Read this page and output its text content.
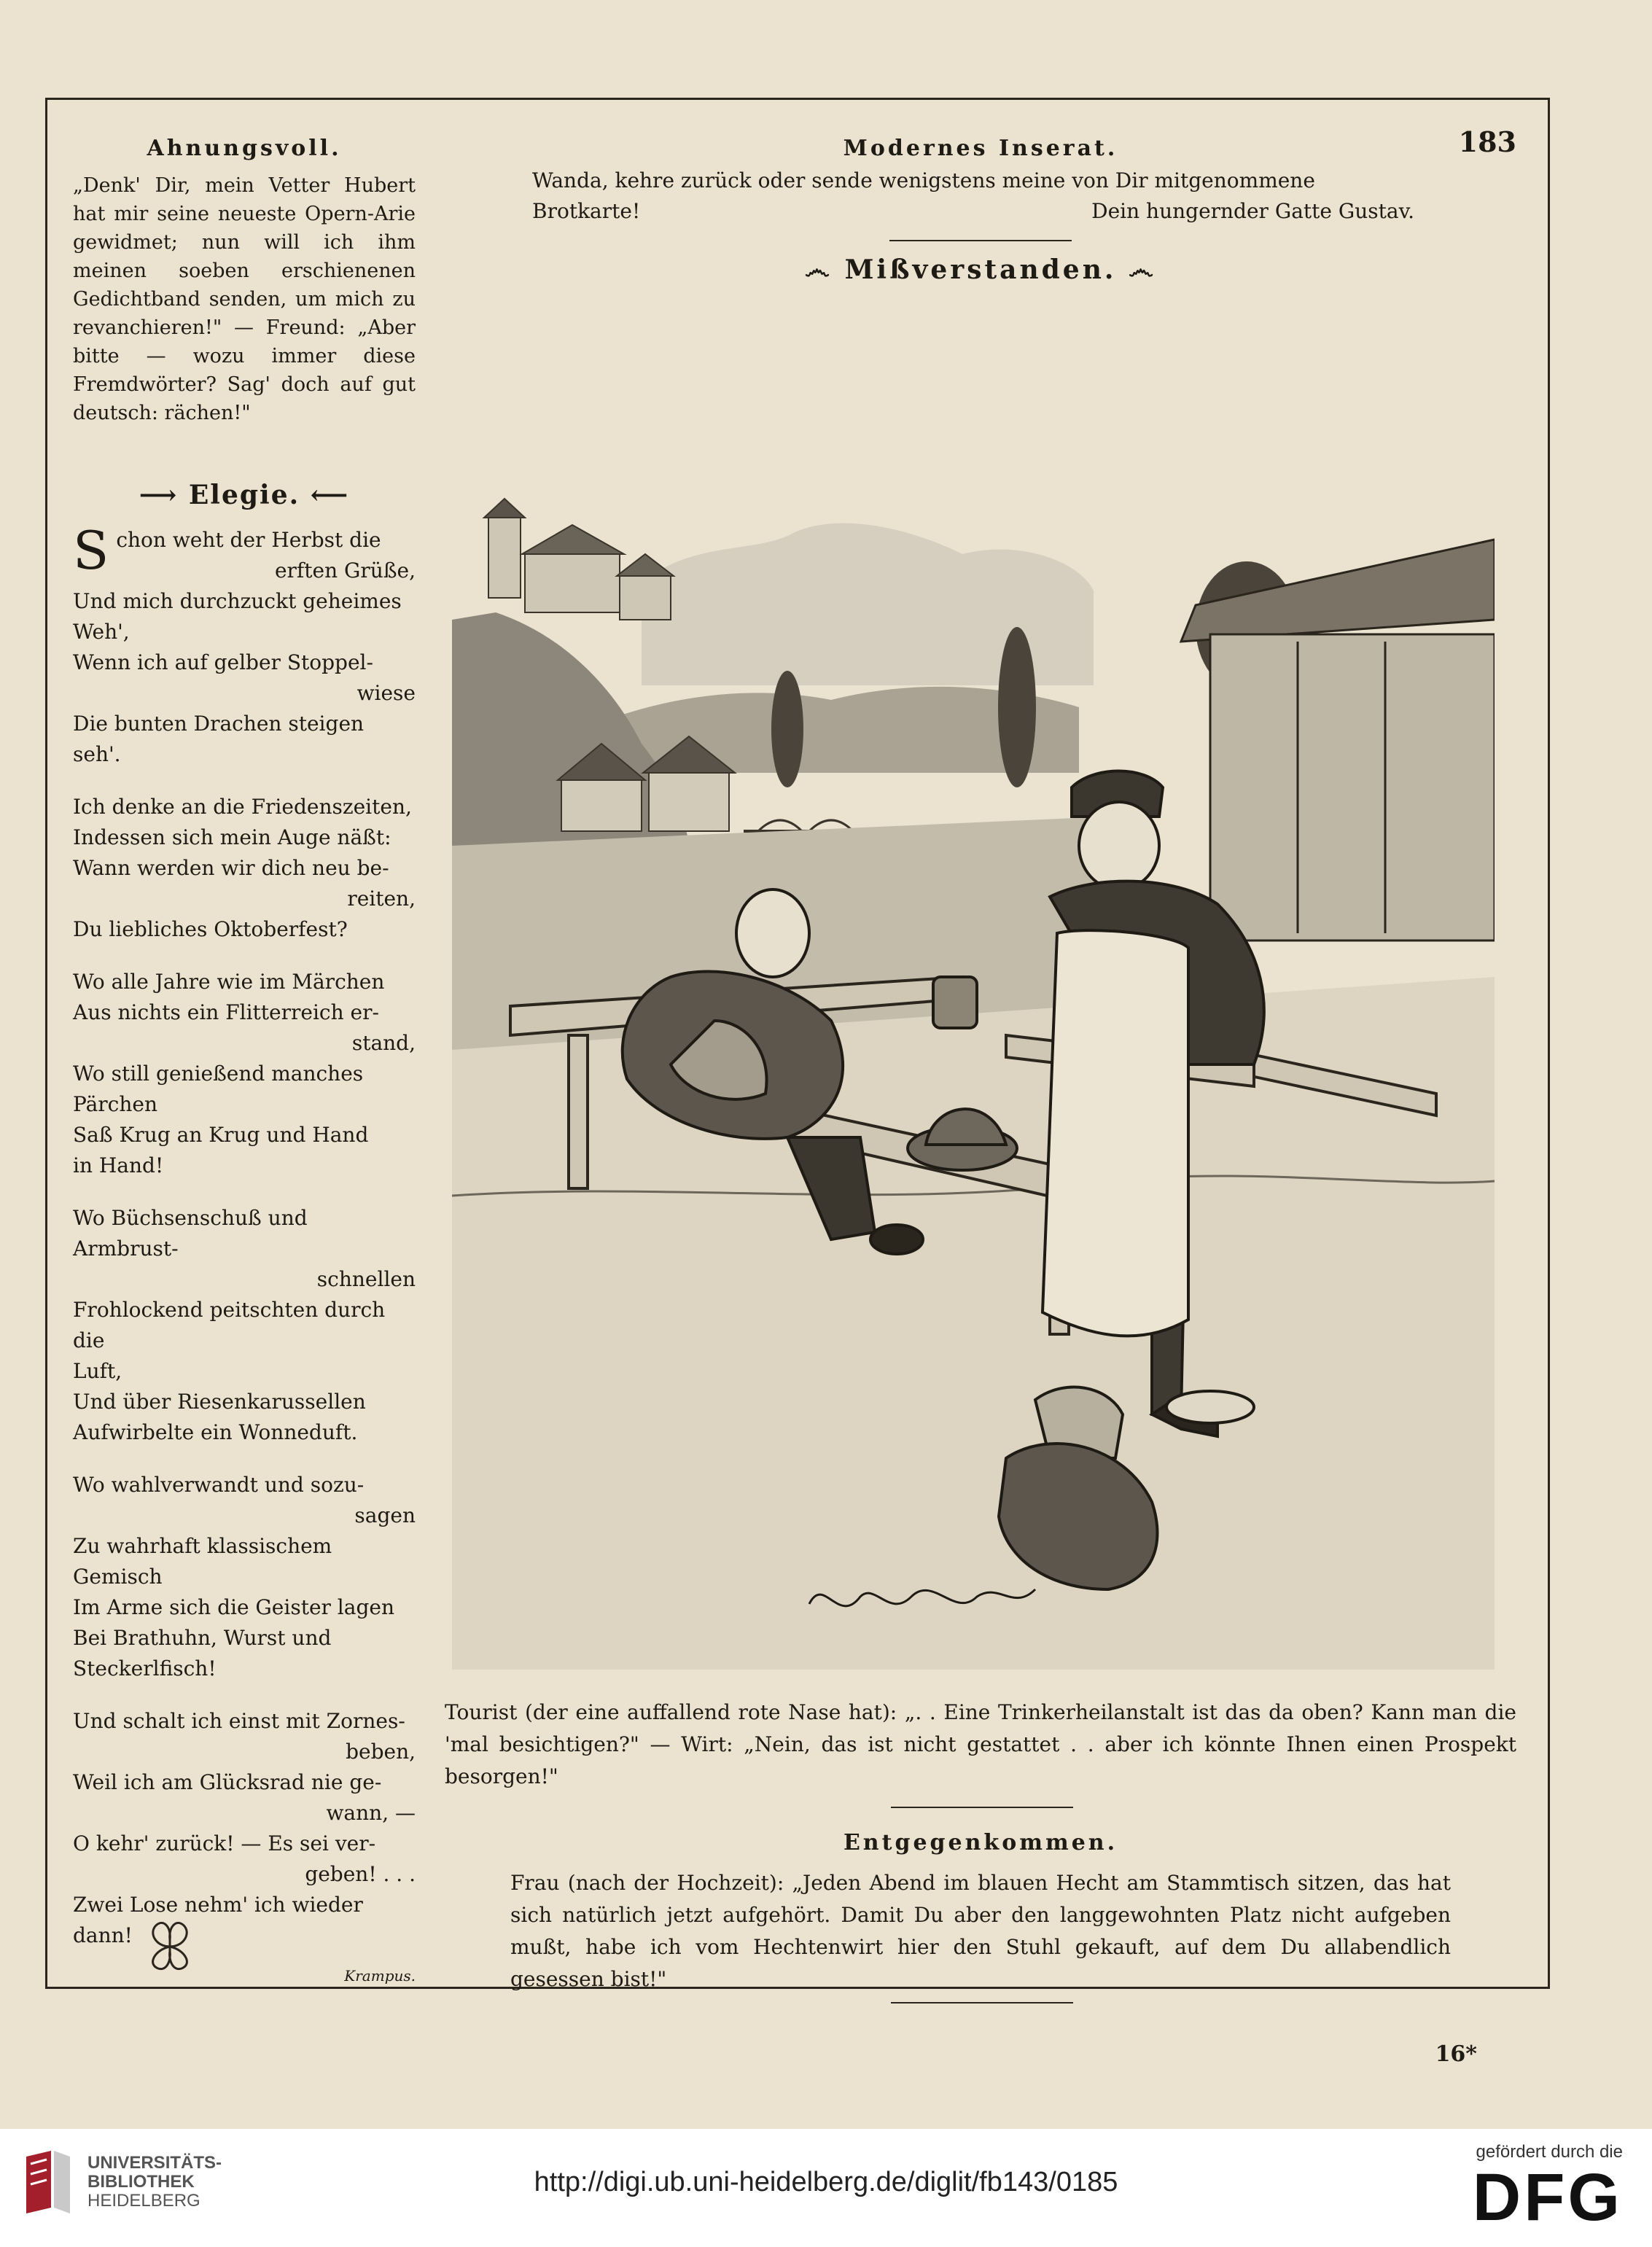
183
Ahnungsvoll.

„Denk' Dir, mein Vetter Hubert hat mir seine neueste Opern-Arie gewidmet; nun will ich ihm meinen soeben erschienenen Gedichtband senden, um mich zu revanchieren!" — Freund: „Aber bitte — wozu immer diese Fremdwörter? Sag' doch auf gut deutsch: rächen!"

⟶ Elegie. ⟵
S chon weht der Herbst die
erften Grüße,
Und mich durchzuckt geheimes
Weh',
Wenn ich auf gelber Stoppel-
wiese
Die bunten Drachen steigen seh'.
Ich denke an die Friedenszeiten,
Indessen sich mein Auge näßt:
Wann werden wir dich neu be-
reiten,
Du liebliches Oktoberfest?
Wo alle Jahre wie im Märchen
Aus nichts ein Flitterreich er-
stand,
Wo still genießend manches
Pärchen
Saß Krug an Krug und Hand
in Hand!
Wo Büchsenschuß und Armbrust-
schnellen
Frohlockend peitschten durch die
Luft,
Und über Riesenkarussellen
Aufwirbelte ein Wonneduft.
Wo wahlverwandt und sozu-
sagen
Zu wahrhaft klassischem Gemisch
Im Arme sich die Geister lagen
Bei Brathuhn, Wurst und
Steckerlfisch!
Und schalt ich einst mit Zornes-
beben,
Weil ich am Glücksrad nie ge-
wann, —
O kehr' zurück! — Es sei ver-
geben! . . .
Zwei Lose nehm' ich wieder
dann!
Krampus.
Modernes Inserat.

Wanda, kehre zurück oder sende wenigstens meine von Dir mitgenommene

Brotkarte!	Dein hungernder Gatte Gustav.
෴ Mißverstanden. ෴
Tourist (der eine auffallend rote Nase hat): „. . Eine Trinkerheilanstalt ist das da oben? Kann man die 'mal besichtigen?" — Wirt: „Nein, das ist nicht gestattet . . aber ich könnte Ihnen einen Prospekt besorgen!"
Entgegenkommen.

Frau (nach der Hochzeit): „Jeden Abend im blauen Hecht am Stammtisch sitzen, das hat sich natürlich jetzt aufgehört. Damit Du aber den langgewohnten Platz nicht aufgeben mußt, habe ich vom Hechtenwirt hier den Stuhl gekauft, auf dem Du allabendlich gesessen bist!"

16*
UNIVERSITÄTS-
BIBLIOTHEK
HEIDELBERG
http://digi.ub.uni-heidelberg.de/diglit/fb143/0185
gefördert durch die
DFG
